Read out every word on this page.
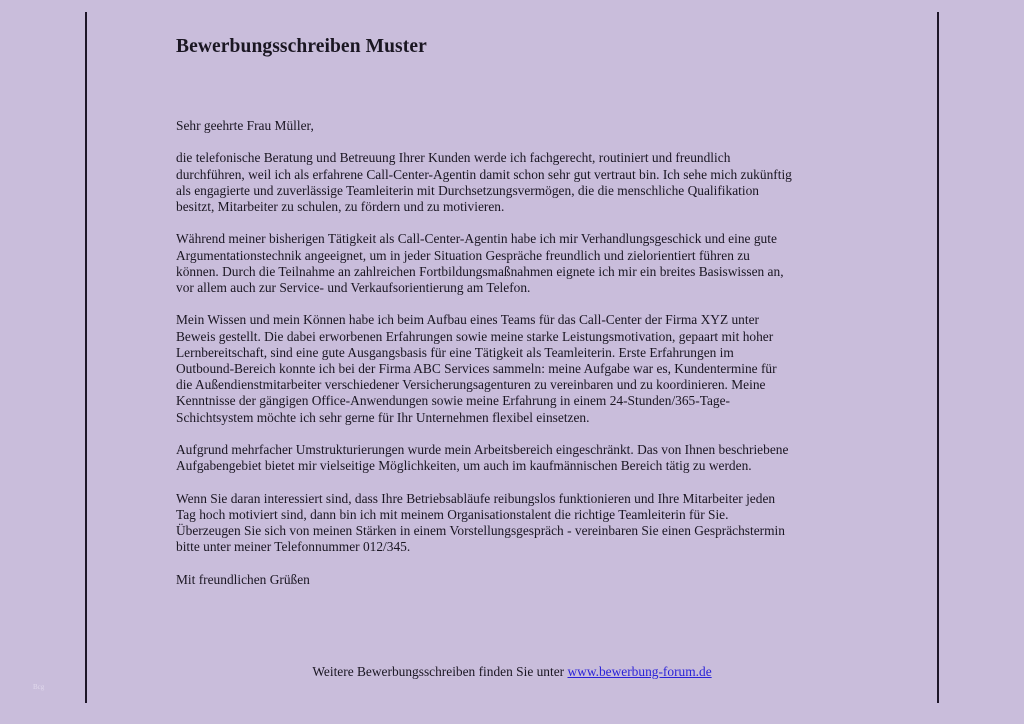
Bewerbungsschreiben Muster

Sehr geehrte Frau Müller,

die telefonische Beratung und Betreuung Ihrer Kunden werde ich fachgerecht, routiniert und freundlich
durchführen, weil ich als erfahrene Call-Center-Agentin damit schon sehr gut vertraut bin. Ich sehe mich zukünftig
als engagierte und zuverlässige Teamleiterin mit Durchsetzungsvermögen, die die menschliche Qualifikation
besitzt, Mitarbeiter zu schulen, zu fördern und zu motivieren.

Während meiner bisherigen Tätigkeit als Call-Center-Agentin habe ich mir Verhandlungsgeschick und eine gute
Argumentationstechnik angeeignet, um in jeder Situation Gespräche freundlich und zielorientiert führen zu
können. Durch die Teilnahme an zahlreichen Fortbildungsmaßnahmen eignete ich mir ein breites Basiswissen an,
vor allem auch zur Service- und Verkaufsorientierung am Telefon.

Mein Wissen und mein Können habe ich beim Aufbau eines Teams für das Call-Center der Firma XYZ unter
Beweis gestellt. Die dabei erworbenen Erfahrungen sowie meine starke Leistungsmotivation, gepaart mit hoher
Lernbereitschaft, sind eine gute Ausgangsbasis für eine Tätigkeit als Teamleiterin. Erste Erfahrungen im
Outbound-Bereich konnte ich bei der Firma ABC Services sammeln: meine Aufgabe war es, Kundentermine für
die Außendienstmitarbeiter verschiedener Versicherungsagenturen zu vereinbaren und zu koordinieren. Meine
Kenntnisse der gängigen Office-Anwendungen sowie meine Erfahrung in einem 24-Stunden/365-Tage-
Schichtsystem möchte ich sehr gerne für Ihr Unternehmen flexibel einsetzen.

Aufgrund mehrfacher Umstrukturierungen wurde mein Arbeitsbereich eingeschränkt. Das von Ihnen beschriebene
Aufgabengebiet bietet mir vielseitige Möglichkeiten, um auch im kaufmännischen Bereich tätig zu werden.

Wenn Sie daran interessiert sind, dass Ihre Betriebsabläufe reibungslos funktionieren und Ihre Mitarbeiter jeden
Tag hoch motiviert sind, dann bin ich mit meinem Organisationstalent die richtige Teamleiterin für Sie.
Überzeugen Sie sich von meinen Stärken in einem Vorstellungsgespräch - vereinbaren Sie einen Gesprächstermin
bitte unter meiner Telefonnummer 012/345.

Mit freundlichen Grüßen

Weitere Bewerbungsschreiben finden Sie unter www.bewerbung-forum.de
Bcg
